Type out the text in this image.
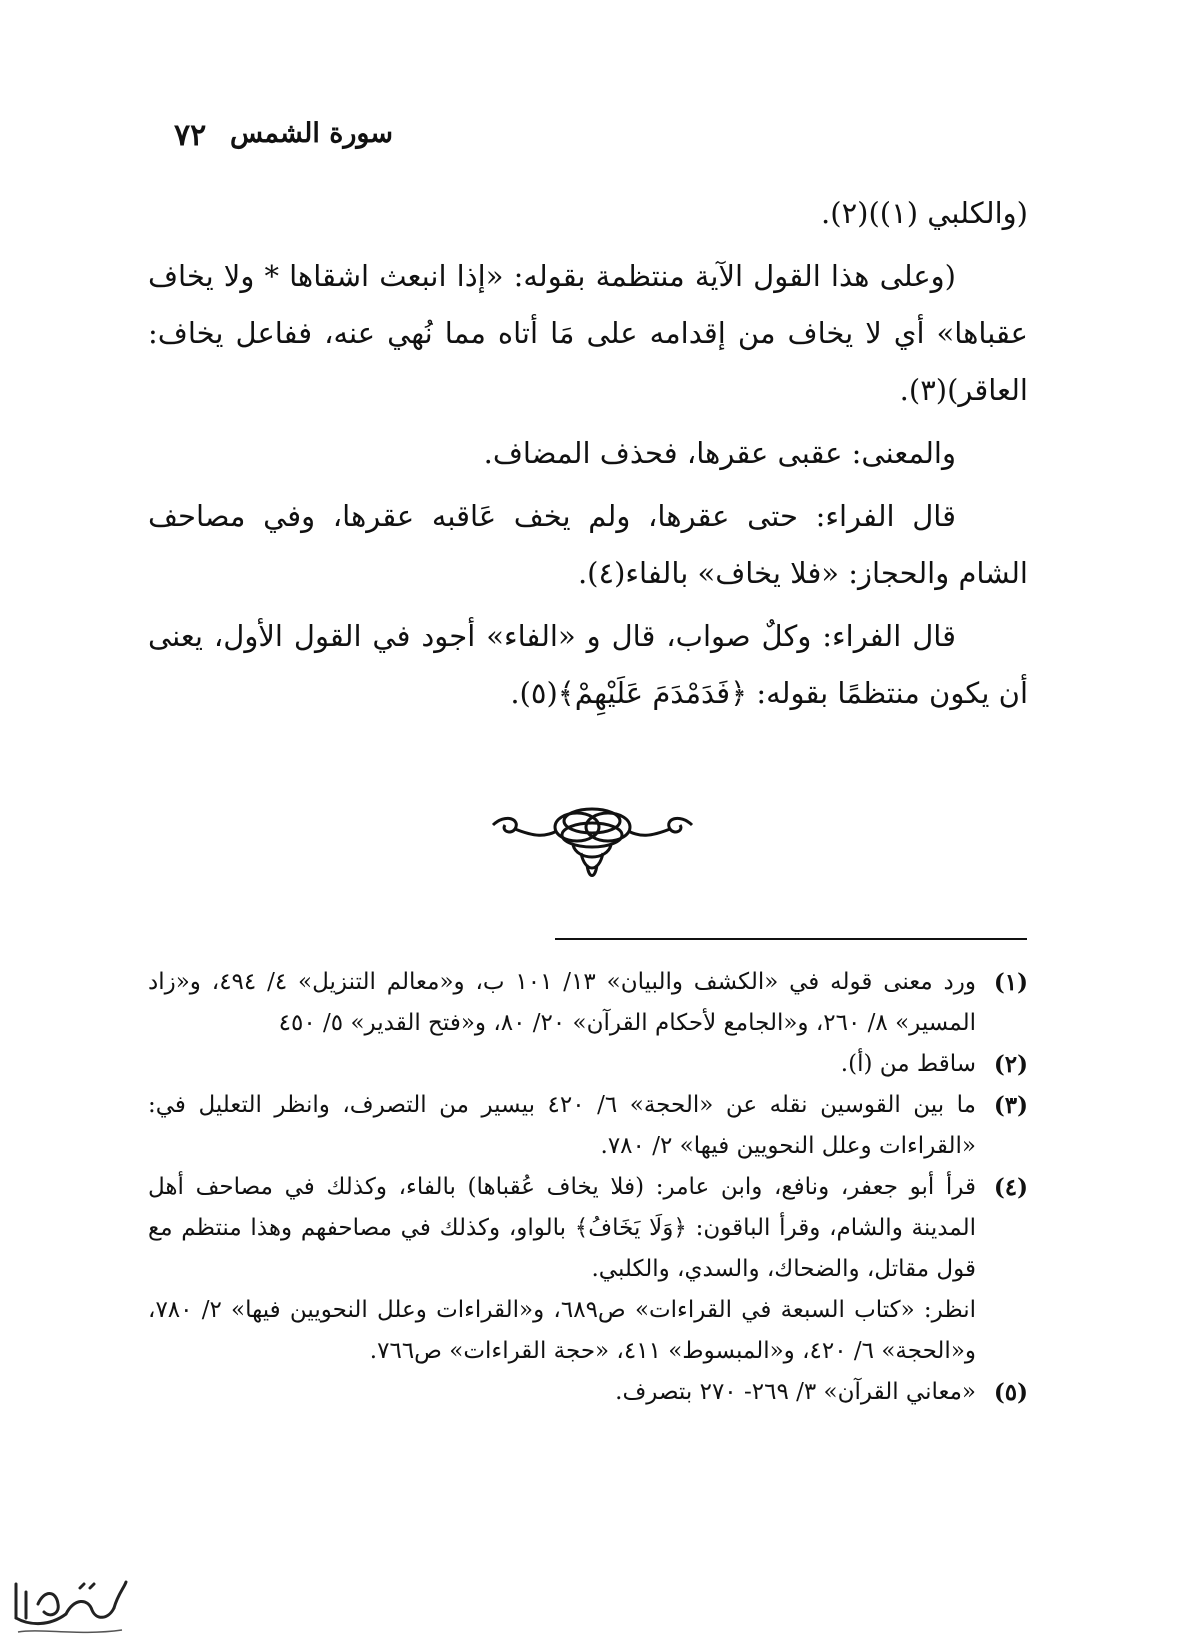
٧٢ سورة الشمس

(والكلبي (١))(٢).

(وعلى هذا القول الآية منتظمة بقوله: «إذا انبعث اشقاها * ولا يخاف عقباها» أي لا يخاف من إقدامه على مَا أتاه مما نُهي عنه، ففاعل يخاف: العاقر)(٣).

والمعنى: عقبى عقرها، فحذف المضاف.

قال الفراء: حتى عقرها، ولم يخف عَاقبه عقرها، وفي مصاحف الشام والحجاز: «فلا يخاف» بالفاء(٤).

قال الفراء: وكلٌ صواب، قال و «الفاء» أجود في القول الأول، يعنى أن يكون منتظمًا بقوله: ﴿فَدَمْدَمَ عَلَيْهِمْ﴾(٥).

(١)
ورد معنى قوله في «الكشف والبيان» ١٣/ ١٠١ ب، و«معالم التنزيل» ٤/ ٤٩٤، و«زاد المسير» ٨/ ٢٦٠، و«الجامع لأحكام القرآن» ٢٠/ ٨٠، و«فتح القدير» ٥/ ٤٥٠
(٢)
ساقط من (أ).
(٣)
ما بين القوسين نقله عن «الحجة» ٦/ ٤٢٠ بيسير من التصرف، وانظر التعليل في: «القراءات وعلل النحويين فيها» ٢/ ٧٨٠.
(٤)
قرأ أبو جعفر، ونافع، وابن عامر: (فلا يخاف عُقباها) بالفاء، وكذلك في مصاحف أهل المدينة والشام، وقرأ الباقون: ﴿وَلَا يَخَافُ﴾ بالواو، وكذلك في مصاحفهم وهذا منتظم مع قول مقاتل، والضحاك، والسدي، والكلبي.
انظر: «كتاب السبعة في القراءات» ص٦٨٩، و«القراءات وعلل النحويين فيها» ٢/ ٧٨٠، و«الحجة» ٦/ ٤٢٠، و«المبسوط» ٤١١، «حجة القراءات» ص٧٦٦.
(٥)
«معاني القرآن» ٣/ ٢٦٩- ٢٧٠ بتصرف.
